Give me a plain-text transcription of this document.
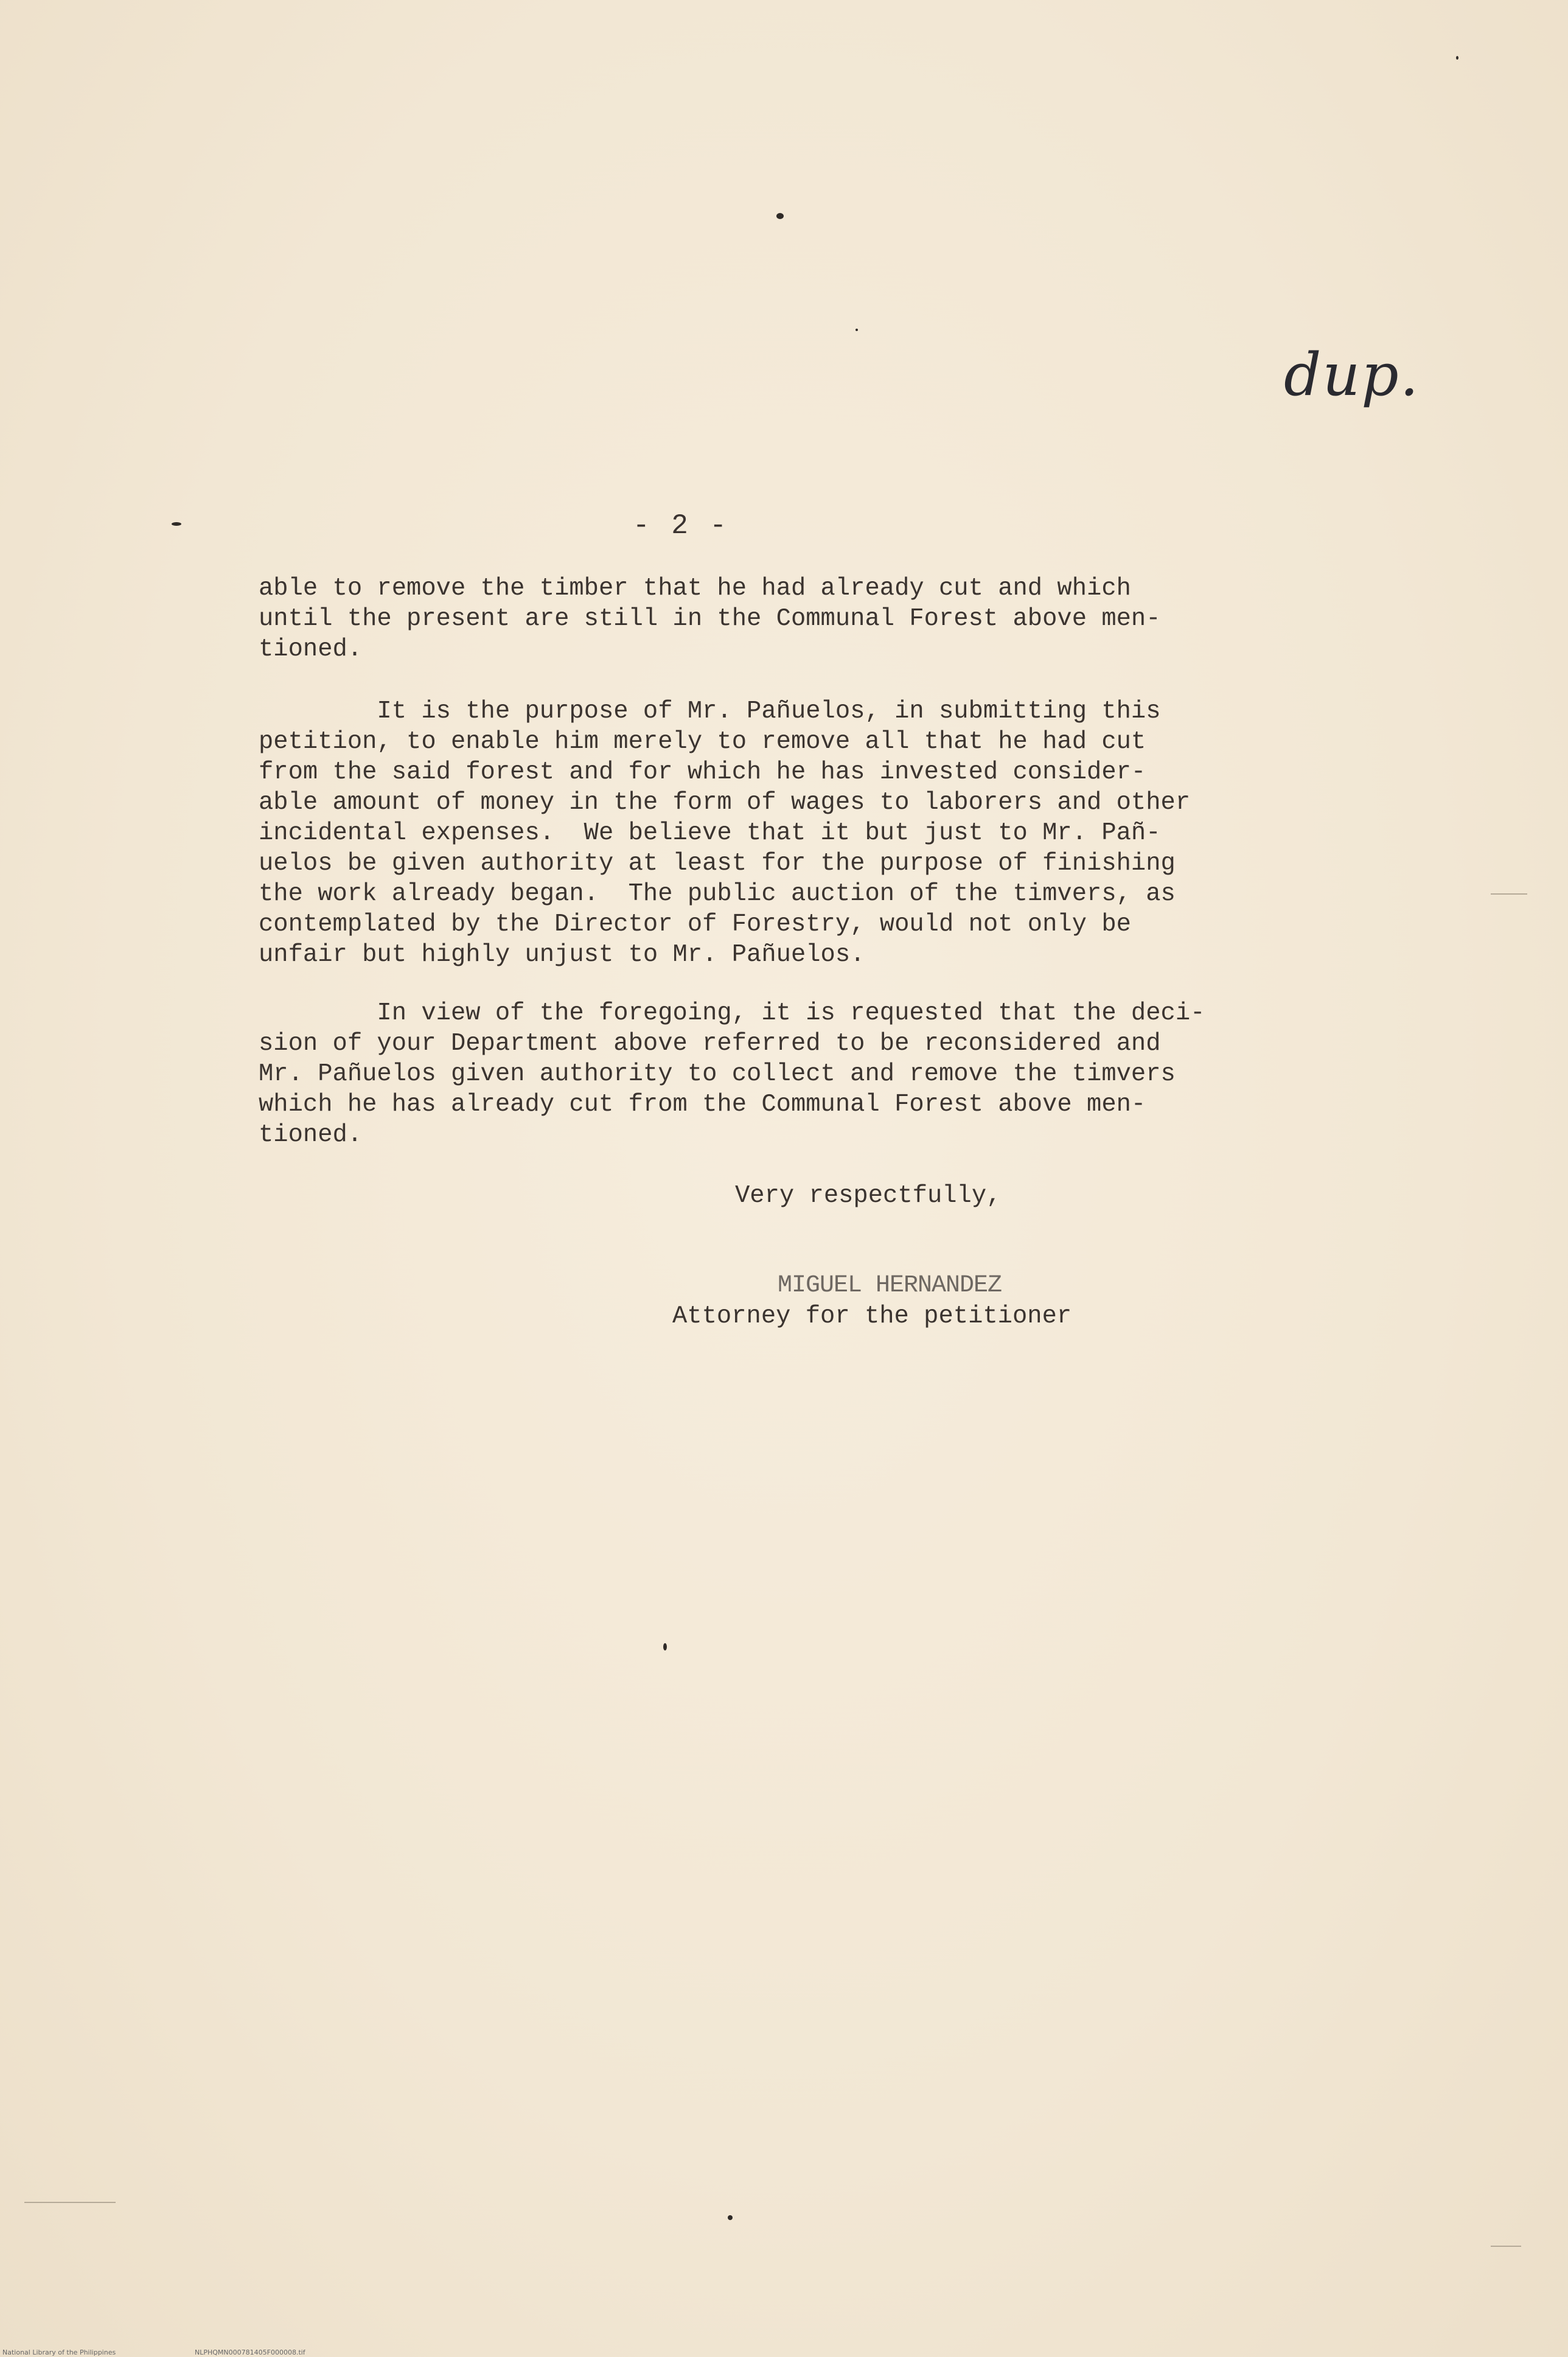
dup.
- 2 -
able to remove the timber that he had already cut and which
until the present are still in the Communal Forest above men-
tioned.
It is the purpose of Mr. Pañuelos, in submitting this
petition, to enable him merely to remove all that he had cut
from the said forest and for which he has invested consider-
able amount of money in the form of wages to laborers and other
incidental expenses.  We believe that it but just to Mr. Pañ-
uelos be given authority at least for the purpose of finishing
the work already began.  The public auction of the timvers, as
contemplated by the Director of Forestry, would not only be
unfair but highly unjust to Mr. Pañuelos.
In view of the foregoing, it is requested that the deci-
sion of your Department above referred to be reconsidered and
Mr. Pañuelos given authority to collect and remove the timvers
which he has already cut from the Communal Forest above men-
tioned.
Very respectfully,
MIGUEL HERNANDEZ
Attorney for the petitioner
National Library of the Philippines	NLPHQMN000781405F000008.tif
